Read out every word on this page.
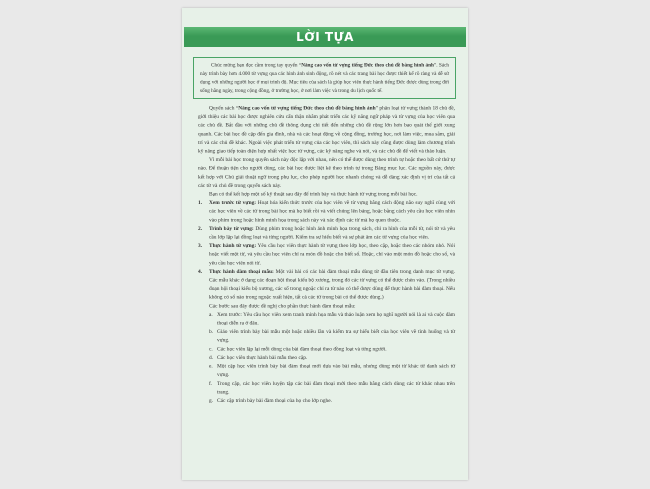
LỜI TỰA

Chúc mừng bạn đọc cầm trong tay quyển “Nâng cao vốn từ vựng tiếng Đức theo chủ đề bằng hình ảnh”. Sách này trình bày hơn 4.000 từ vựng qua các hình ảnh sinh động, rõ nét và các trang bài học được thiết kế rõ ràng và dễ sử dụng với những người học ở mọi trình độ. Mục tiêu của sách là giúp học viên thực hành tiếng Đức được dùng trong đời sống hằng ngày, trong cộng đồng, ở trường học, ở nơi làm việc và trong du lịch quốc tế.

Quyển sách “Nâng cao vốn từ vựng tiếng Đức theo chủ đề bằng hình ảnh” phân loại từ vựng thành 18 chủ đề, giới thiệu các bài học được nghiên cứu cẩn thận nhằm phát triển các kỹ năng ngữ pháp và từ vựng của học viên qua các chủ đề. Bắt đầu với những chủ đề thông dụng chi tiết đến những chủ đề rộng lớn hơn bao quát thế giới xung quanh. Các bài học đề cập đến gia đình, nhà và các hoạt động về cộng đồng, trường học, nơi làm việc, mua sắm, giải trí và các chủ đề khác. Ngoài việc phát triển từ vựng của các học viên, thì sách này cũng được dùng làm chương trình kỹ năng giao tiếp toàn diện hợp nhất việc học từ vựng, các kỹ năng nghe và nói, và các chủ đề để viết và thảo luận.

Vì mỗi bài học trong quyển sách này độc lập với nhau, nên có thể được dùng theo trình tự hoặc theo bất cứ thứ tự nào. Để thuận tiện cho người dùng, các bài học được liệt kê theo trình tự trong Bảng mục lục. Các nguồn này, được kết hợp với Chú giải thuật ngữ trong phụ lục, cho phép người học nhanh chóng và dễ dàng xác định vị trí của tất cả các từ và chủ đề trong quyển sách này.

Bạn có thể kết hợp một số kỹ thuật sau đây để trình bày và thực hành từ vựng trong mỗi bài học.

1. Xem trước từ vựng: Hoạt hóa kiến thức trước của học viên về từ vựng bằng cách động não suy nghĩ cùng với các học viên về các từ trong bài học mà họ biết rồi và viết chúng lên bảng, hoặc bằng cách yêu cầu học viên nhìn vào phim trong hoặc hình minh họa trong sách này và xác định các từ mà họ quen thuộc.
2. Trình bày từ vựng: Dùng phim trong hoặc hình ảnh minh họa trong sách, chỉ ra hình của mỗi từ, nói từ và yêu cầu lớp lặp lại đồng loạt và từng người. Kiểm tra sự hiểu biết và sự phát âm các từ vựng của học viên.
3. Thực hành từ vựng: Yêu cầu học viên thực hành từ vựng theo lớp học, theo cặp, hoặc theo các nhóm nhỏ. Nói hoặc viết một từ, và yêu cầu học viên chỉ ra món đồ hoặc cho biết số. Hoặc, chỉ vào một món đồ hoặc cho số, và yêu cầu học viên nói từ.
4. Thực hành đàm thoại mẫu: Một vài bài có các bài đàm thoại mẫu dùng từ đầu tiên trong danh mục từ vựng. Các mẫu khác ở dạng các đoạn hội thoại kiểu bộ xương, trong đó các từ vựng có thể được chèn vào. (Trong nhiều đoạn hội thoại kiểu bộ xương, các số trong ngoặc chỉ ra từ nào có thể được dùng để thực hành bài đàm thoại. Nếu không có số nào trong ngoặc xuất hiện, tất cả các từ trong bài có thể được dùng.)

Các bước sau đây được đề nghị cho phần thực hành đàm thoại mẫu:

a. Xem trước: Yêu cầu học viên xem tranh minh họa mẫu và thảo luận xem họ nghĩ người nói là ai và cuộc đàm thoại diễn ra ở đâu.
b. Giáo viên trình bày bài mẫu một hoặc nhiều lần và kiểm tra sự hiểu biết của học viên về tình huống và từ vựng.
c. Các học viên lặp lại mỗi dòng của bài đàm thoại theo đồng loạt và từng người.
d. Các học viên thực hành bài mẫu theo cặp.
e. Một cặp học viên trình bày bài đàm thoại mới dựa vào bài mẫu, nhưng dùng một từ khác từ danh sách từ vựng.
f. Trong cặp, các học viên luyện tập các bài đàm thoại mới theo mẫu bằng cách dùng các từ khác nhau trên trang.
g. Các cặp trình bày bài đàm thoại của họ cho lớp nghe.
